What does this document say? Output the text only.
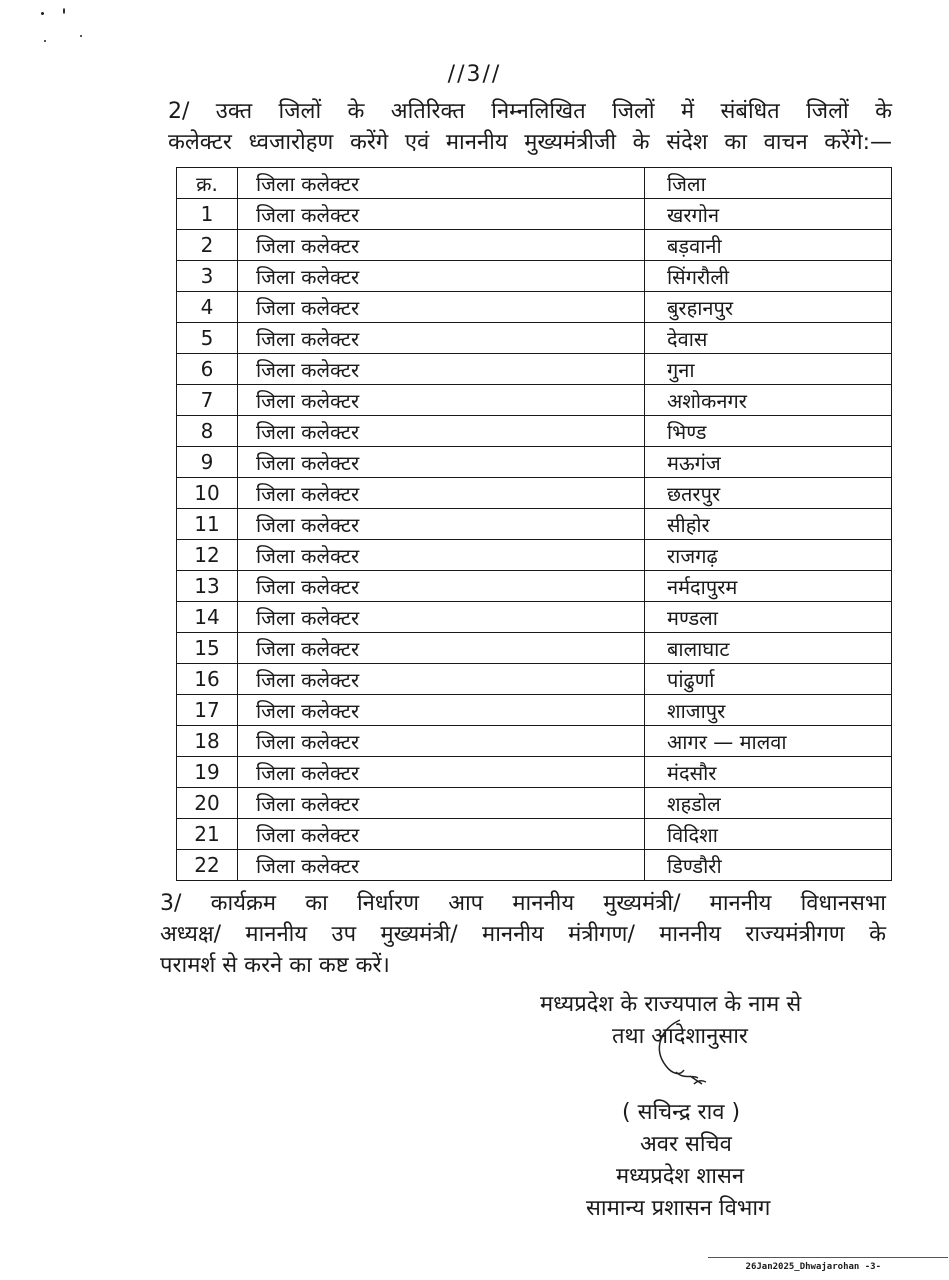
//3//
2/ उक्त जिलों के अतिरिक्त निम्नलिखित जिलों में संबंधित जिलों के
कलेक्टर ध्वजारोहण करेंगे एवं माननीय मुख्यमंत्रीजी के संदेश का वाचन करेंगे:—
क्र.	जिला कलेक्टर	जिला
1	जिला कलेक्टर	खरगोन
2	जिला कलेक्टर	बड़वानी
3	जिला कलेक्टर	सिंगरौली
4	जिला कलेक्टर	बुरहानपुर
5	जिला कलेक्टर	देवास
6	जिला कलेक्टर	गुना
7	जिला कलेक्टर	अशोकनगर
8	जिला कलेक्टर	भिण्ड
9	जिला कलेक्टर	मऊगंज
10	जिला कलेक्टर	छतरपुर
11	जिला कलेक्टर	सीहोर
12	जिला कलेक्टर	राजगढ़
13	जिला कलेक्टर	नर्मदापुरम
14	जिला कलेक्टर	मण्डला
15	जिला कलेक्टर	बालाघाट
16	जिला कलेक्टर	पांढुर्णा
17	जिला कलेक्टर	शाजापुर
18	जिला कलेक्टर	आगर — मालवा
19	जिला कलेक्टर	मंदसौर
20	जिला कलेक्टर	शहडोल
21	जिला कलेक्टर	विदिशा
22	जिला कलेक्टर	डिण्डौरी
3/ कार्यक्रम का निर्धारण आप माननीय मुख्यमंत्री/ माननीय विधानसभा
अध्यक्ष/ माननीय उप मुख्यमंत्री/ माननीय मंत्रीगण/ माननीय राज्यमंत्रीगण के
परामर्श से करने का कष्ट करें।
मध्यप्रदेश के राज्यपाल के नाम से
तथा आदेशानुसार
( सचिन्द्र राव )
अवर सचिव
मध्यप्रदेश शासन
सामान्य प्रशासन विभाग
26Jan2025_Dhwajarohan -3-
